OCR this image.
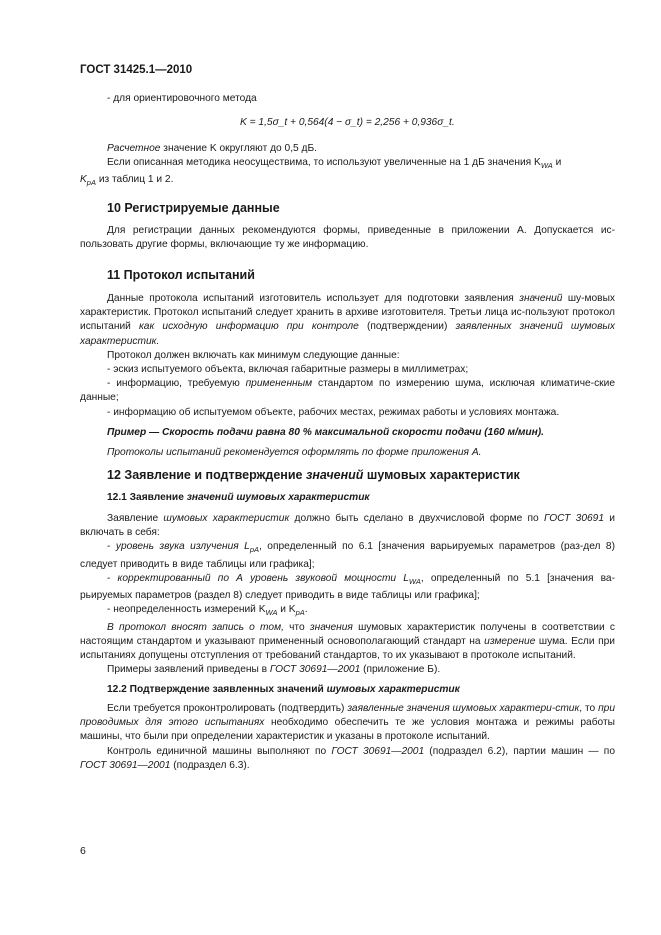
ГОСТ 31425.1—2010

- для ориентировочного метода

K = 1,5σ_t + 0,564(4 − σ_t) = 2,256 + 0,936σ_t.

Расчетное значение K округляют до 0,5 дБ.

Если описанная методика неосуществима, то используют увеличенные на 1 дБ значения $K_{WA}$ и

$K_{pA}$ из таблиц 1 и 2.

10 Регистрируемые данные

Для регистрации данных рекомендуются формы, приведенные в приложении А. Допускается ис-пользовать другие формы, включающие ту же информацию.

11 Протокол испытаний

Данные протокола испытаний изготовитель использует для подготовки заявления значений шу-мовых характеристик. Протокол испытаний следует хранить в архиве изготовителя. Третьи лица ис-пользуют протокол испытаний как исходную информацию при контроле (подтверждении) заявленных значений шумовых характеристик.

Протокол должен включать как минимум следующие данные:

- эскиз испытуемого объекта, включая габаритные размеры в миллиметрах;

- информацию, требуемую примененным стандартом по измерению шума, исключая климатиче-ские данные;

- информацию об испытуемом объекте, рабочих местах, режимах работы и условиях монтажа.

Пример — Скорость подачи равна 80 % максимальной скорости подачи (160 м/мин).

Протоколы испытаний рекомендуется оформлять по форме приложения А.

12 Заявление и подтверждение значений шумовых характеристик
12.1 Заявление значений шумовых характеристик

Заявление шумовых характеристик должно быть сделано в двухчисловой форме по ГОСТ 30691 и включать в себя:

- уровень звука излучения $L_{pA}$, определенный по 6.1 [значения варьируемых параметров (раз-дел 8) следует приводить в виде таблицы или графика];

- корректированный по А уровень звуковой мощности $L_{WA}$, определенный по 5.1 [значения ва-рьируемых параметров (раздел 8) следует приводить в виде таблицы или графика];

- неопределенность измерений $K_{WA}$ и $K_{pA}$.

В протокол вносят запись о том, что значения шумовых характеристик получены в соответствии с настоящим стандартом и указывают примененный основополагающий стандарт на измерение шума. Если при испытаниях допущены отступления от требований стандартов, то их указывают в протоколе испытаний.

Примеры заявлений приведены в ГОСТ 30691—2001 (приложение Б).

12.2 Подтверждение заявленных значений шумовых характеристик

Если требуется проконтролировать (подтвердить) заявленные значения шумовых характери-стик, то при проводимых для этого испытаниях необходимо обеспечить те же условия монтажа и режимы работы машины, что были при определении характеристик и указаны в протоколе испытаний.

Контроль единичной машины выполняют по ГОСТ 30691—2001 (подраздел 6.2), партии машин — по ГОСТ 30691—2001 (подраздел 6.3).

6
